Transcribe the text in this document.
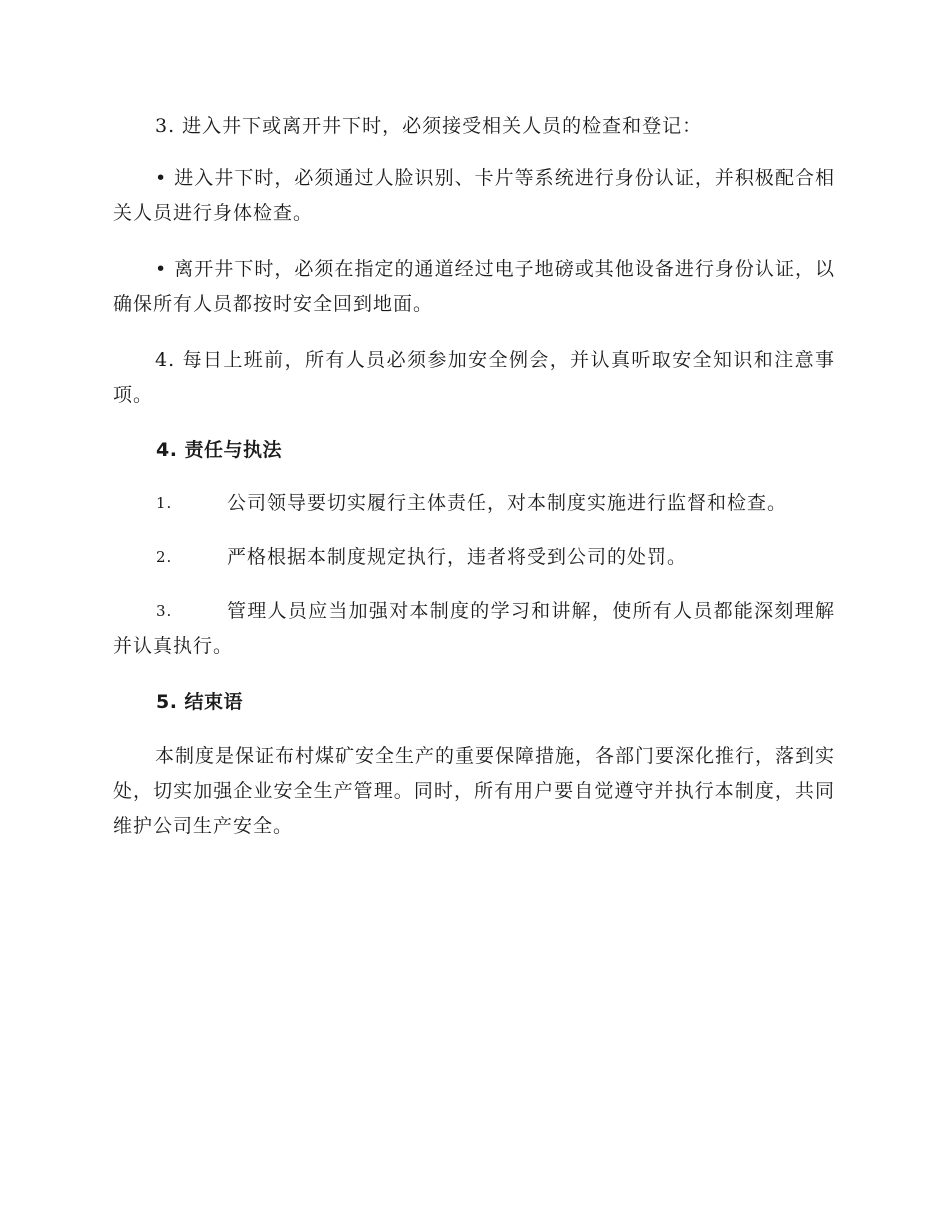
3. 进入井下或离开井下时，必须接受相关人员的检查和登记：

• 进入井下时，必须通过人脸识别、卡片等系统进行身份认证，并积极配合相关人员进行身体检查。

• 离开井下时，必须在指定的通道经过电子地磅或其他设备进行身份认证，以确保所有人员都按时安全回到地面。

4. 每日上班前，所有人员必须参加安全例会，并认真听取安全知识和注意事项。

4. 责任与执法
1.	公司领导要切实履行主体责任，对本制度实施进行监督和检查。
2.	严格根据本制度规定执行，违者将受到公司的处罚。
3.	管理人员应当加强对本制度的学习和讲解，使所有人员都能深刻理解并认真执行。
5. 结束语

本制度是保证布村煤矿安全生产的重要保障措施，各部门要深化推行，落到实处，切实加强企业安全生产管理。同时，所有用户要自觉遵守并执行本制度，共同维护公司生产安全。
